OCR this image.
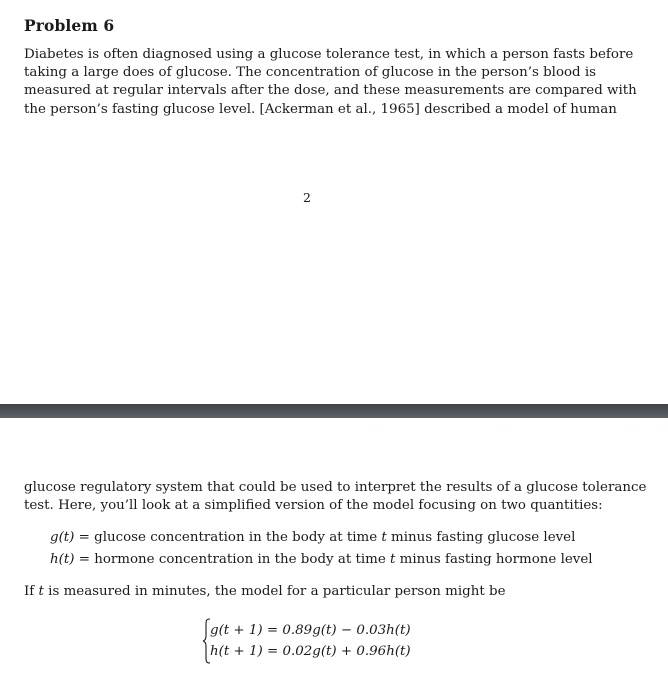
Problem 6
Diabetes is often diagnosed using a glucose tolerance test, in which a person fasts before
taking a large does of glucose. The concentration of glucose in the person’s blood is
measured at regular intervals after the dose, and these measurements are compared with
the person’s fasting glucose level. [Ackerman et al., 1965] described a model of human
2
glucose regulatory system that could be used to interpret the results of a glucose tolerance
test. Here, you’ll look at a simplified version of the model focusing on two quantities:
g(t) = glucose concentration in the body at time t minus fasting glucose level
h(t) = hormone concentration in the body at time t minus fasting hormone level
If t is measured in minutes, the model for a particular person might be
g(t + 1) = 0.89g(t) − 0.03h(t)
h(t + 1) = 0.02g(t) + 0.96h(t)
